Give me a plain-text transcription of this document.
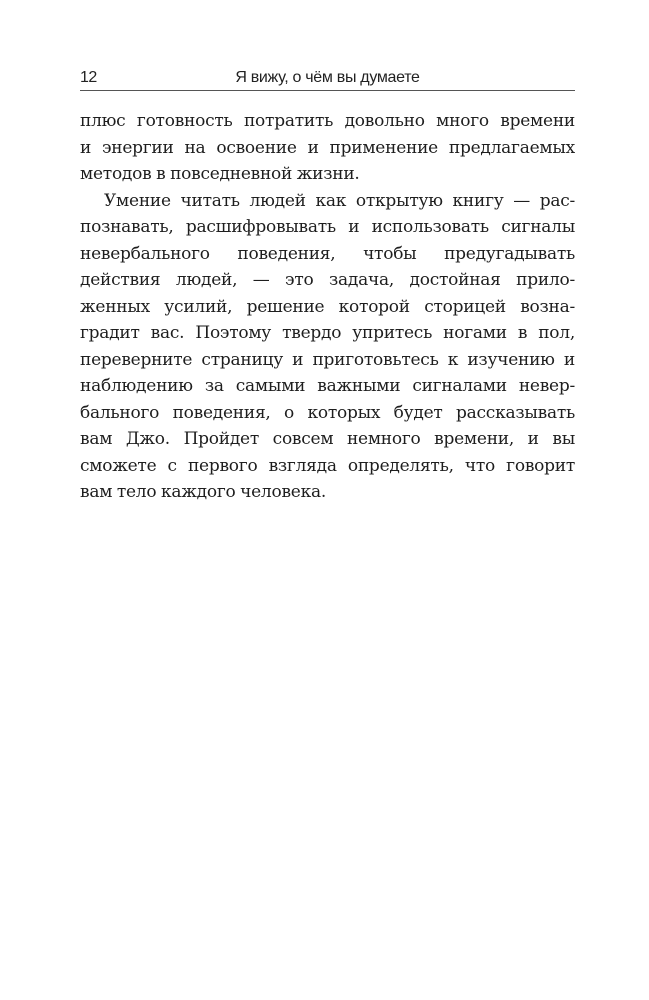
12	Я вижу, о чём вы думаете
плюс готовность потратить довольно много времени
и энергии на освоение и применение предлагаемых
методов в повседневной жизни.
Умение читать людей как открытую книгу — рас-
познавать, расшифровывать и использовать сигналы
невербального поведения, чтобы предугадывать
действия людей, — это задача, достойная прило-
женных усилий, решение которой сторицей возна-
градит вас. Поэтому твердо упритесь ногами в пол,
переверните страницу и приготовьтесь к изучению и
наблюдению за самыми важными сигналами невер-
бального поведения, о которых будет рассказывать
вам Джо. Пройдет совсем немного времени, и вы
сможете с первого взгляда определять, что говорит
вам тело каждого человека.
